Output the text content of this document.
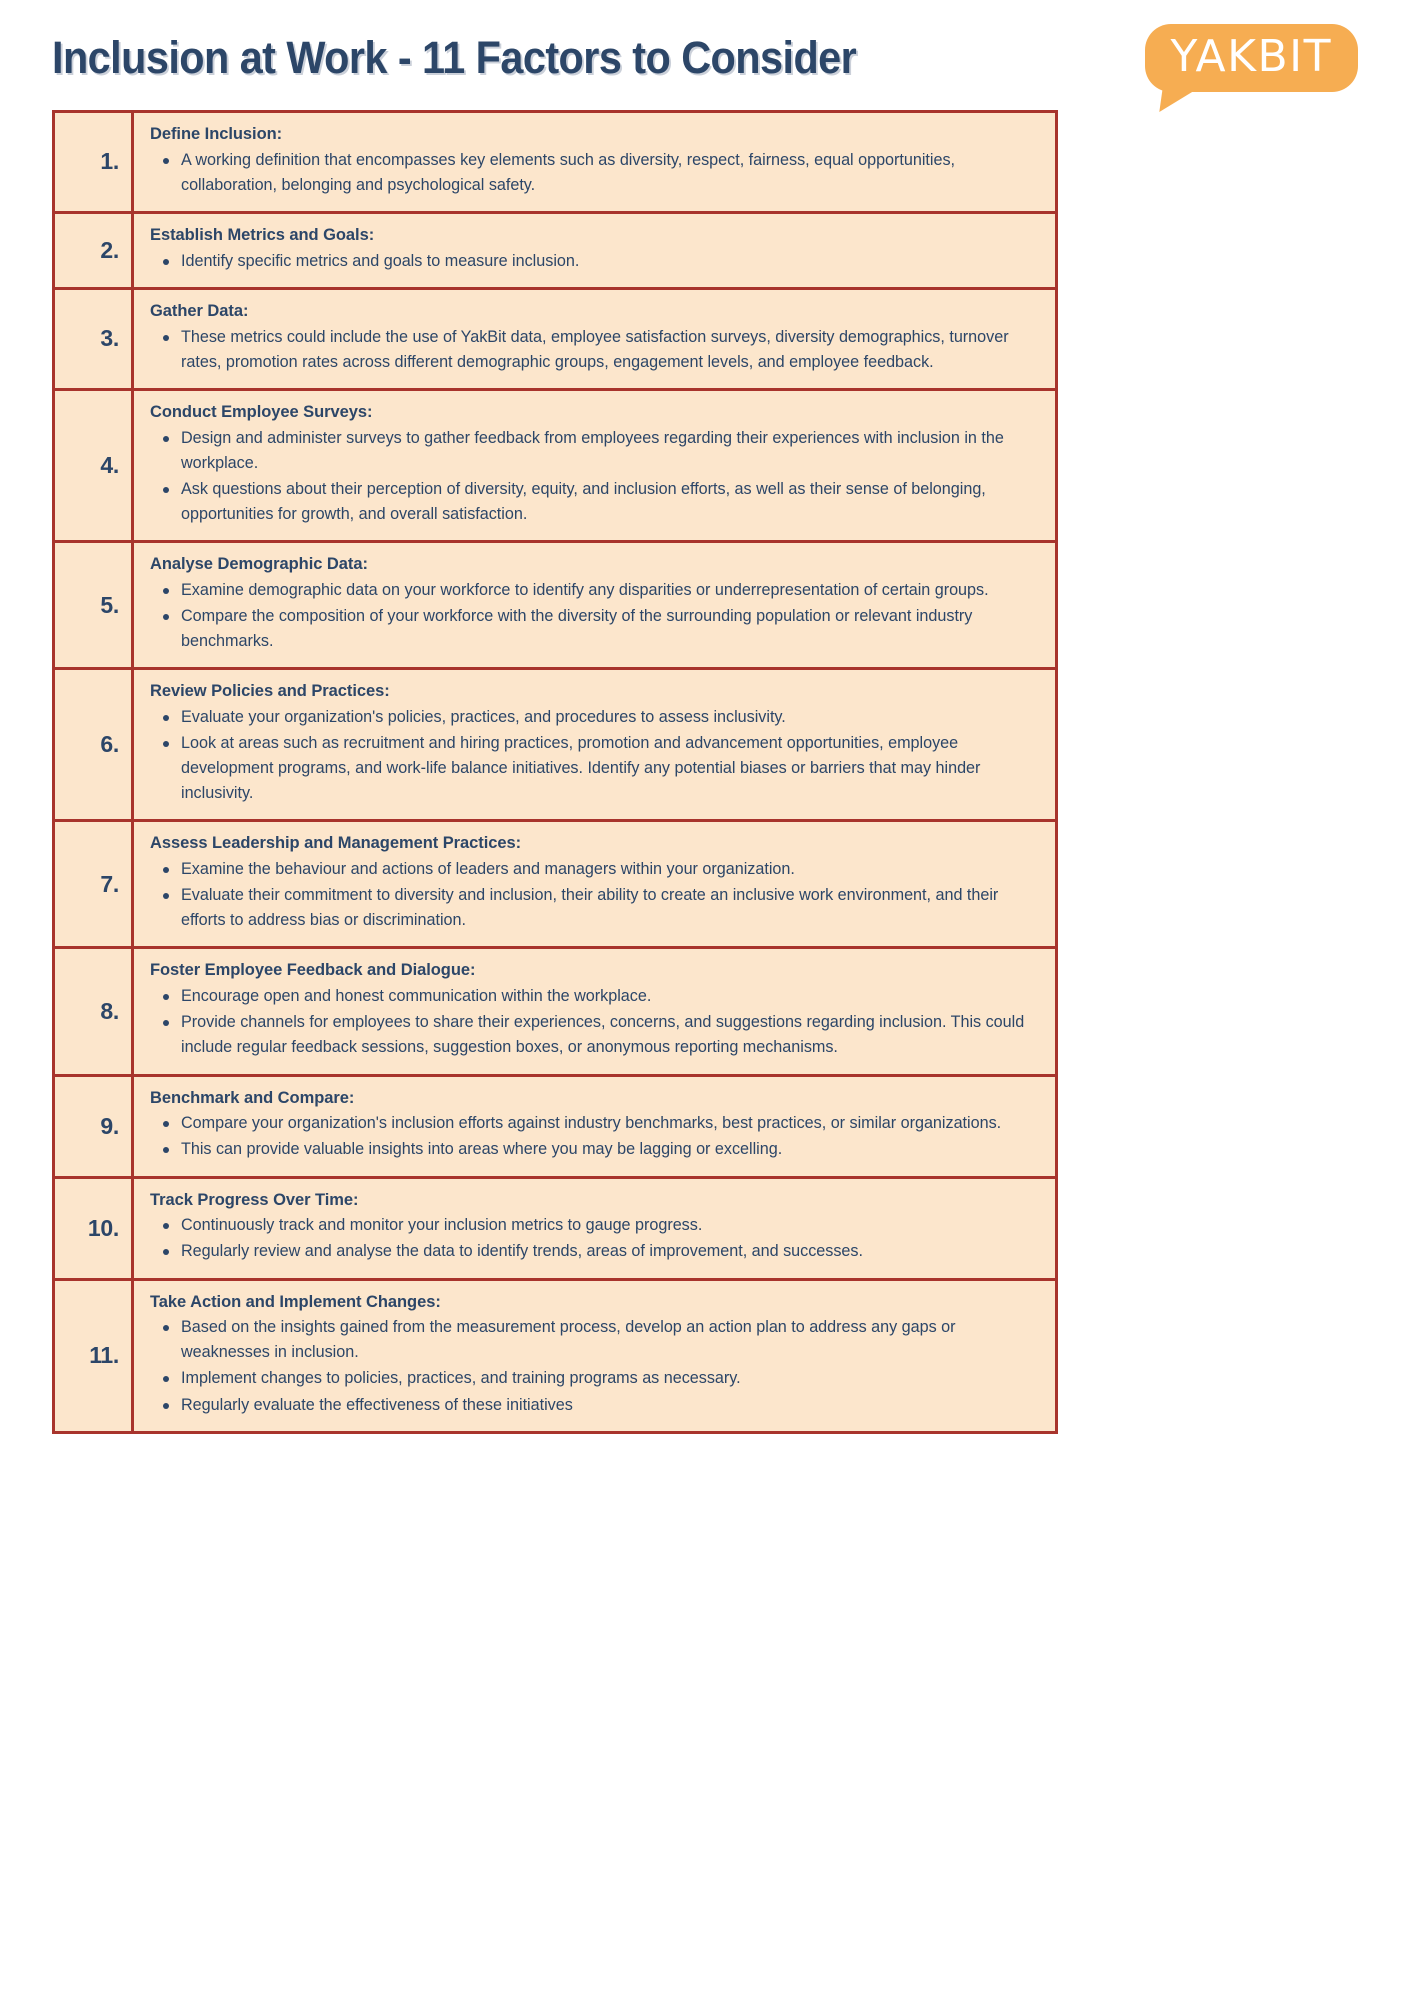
Inclusion at Work - 11 Factors to Consider	YAKBIT
1.	
Define Inclusion:
A working definition that encompasses key elements such as diversity, respect, fairness, equal opportunities, collaboration, belonging and psychological safety.

2.	
Establish Metrics and Goals:
Identify specific metrics and goals to measure inclusion.

3.	
Gather Data:
These metrics could include the use of YakBit data, employee satisfaction surveys, diversity demographics, turnover rates, promotion rates across different demographic groups, engagement levels, and employee feedback.

4.	
Conduct Employee Surveys:
Design and administer surveys to gather feedback from employees regarding their experiences with inclusion in the workplace.
Ask questions about their perception of diversity, equity, and inclusion efforts, as well as their sense of belonging, opportunities for growth, and overall satisfaction.

5.	
Analyse Demographic Data:
Examine demographic data on your workforce to identify any disparities or underrepresentation of certain groups.
Compare the composition of your workforce with the diversity of the surrounding population or relevant industry benchmarks.

6.	
Review Policies and Practices:
Evaluate your organization's policies, practices, and procedures to assess inclusivity.
Look at areas such as recruitment and hiring practices, promotion and advancement opportunities, employee development programs, and work-life balance initiatives. Identify any potential biases or barriers that may hinder inclusivity.

7.	
Assess Leadership and Management Practices:
Examine the behaviour and actions of leaders and managers within your organization.
Evaluate their commitment to diversity and inclusion, their ability to create an inclusive work environment, and their efforts to address bias or discrimination.

8.	
Foster Employee Feedback and Dialogue:
Encourage open and honest communication within the workplace.
Provide channels for employees to share their experiences, concerns, and suggestions regarding inclusion. This could include regular feedback sessions, suggestion boxes, or anonymous reporting mechanisms.

9.	
Benchmark and Compare:
Compare your organization's inclusion efforts against industry benchmarks, best practices, or similar organizations.
This can provide valuable insights into areas where you may be lagging or excelling.

10.	
Track Progress Over Time:
Continuously track and monitor your inclusion metrics to gauge progress.
Regularly review and analyse the data to identify trends, areas of improvement, and successes.

11.	
Take Action and Implement Changes:
Based on the insights gained from the measurement process, develop an action plan to address any gaps or weaknesses in inclusion.
Implement changes to policies, practices, and training programs as necessary.
Regularly evaluate the effectiveness of these initiatives
